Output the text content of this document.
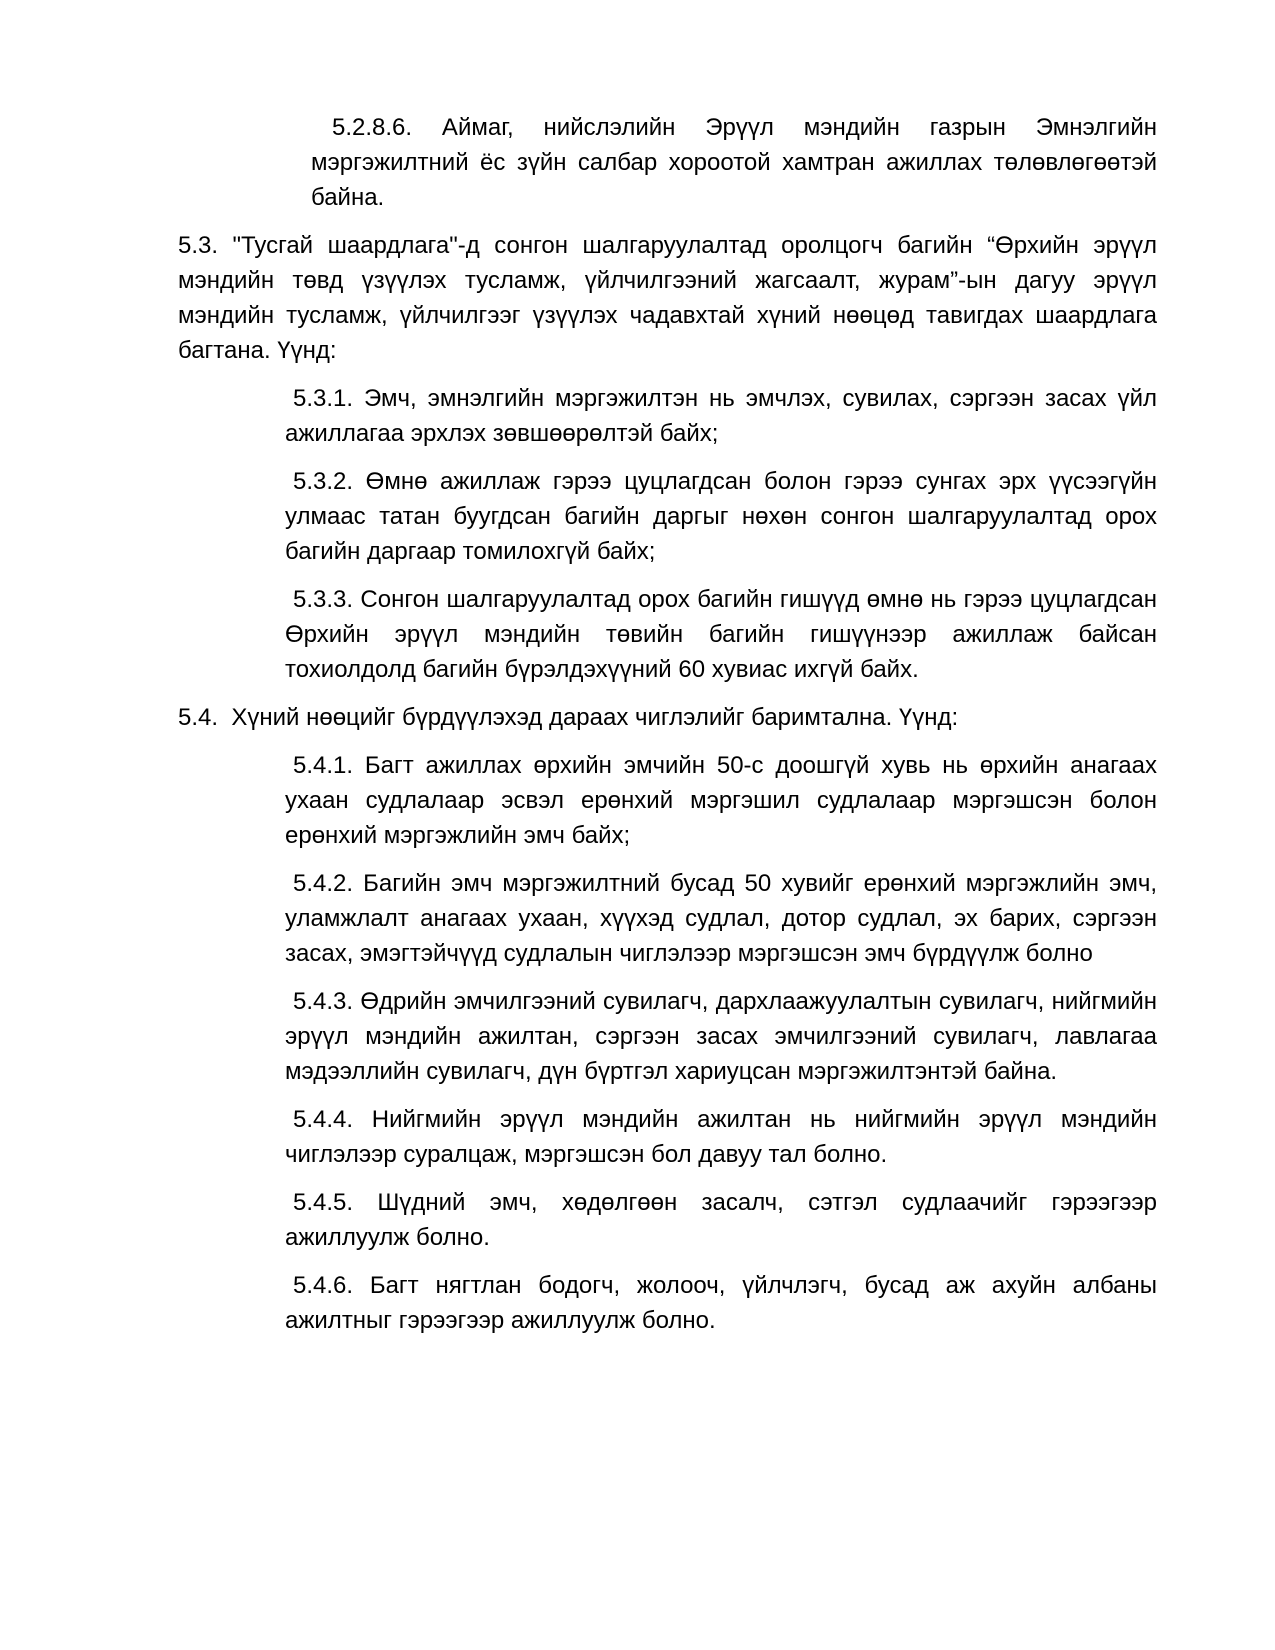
5.2.8.6. Аймаг, нийслэлийн Эрүүл мэндийн газрын Эмнэлгийн мэргэжилтний ёс зүйн салбар хороотой хамтран ажиллах төлөвлөгөөтэй байна.

5.3. "Тусгай шаардлага"-д сонгон шалгаруулалтад оролцогч багийн “Өрхийн эрүүл мэндийн төвд үзүүлэх тусламж, үйлчилгээний жагсаалт, журам”-ын дагуу эрүүл мэндийн тусламж, үйлчилгээг үзүүлэх чадавхтай хүний нөөцөд тавигдах шаардлага багтана. Үүнд:

5.3.1. Эмч, эмнэлгийн мэргэжилтэн нь эмчлэх, сувилах, сэргээн засах үйл ажиллагаа эрхлэх зөвшөөрөлтэй байх;

5.3.2. Өмнө ажиллаж гэрээ цуцлагдсан болон гэрээ сунгах эрх үүсээгүйн улмаас татан буугдсан багийн даргыг нөхөн сонгон шалгаруулалтад орох багийн даргаар томилохгүй байх;

5.3.3. Сонгон шалгаруулалтад орох багийн гишүүд өмнө нь гэрээ цуцлагдсан Өрхийн эрүүл мэндийн төвийн багийн гишүүнээр ажиллаж байсан тохиолдолд багийн бүрэлдэхүүний 60 хувиас ихгүй байх.

5.4.  Хүний нөөцийг бүрдүүлэхэд дараах чиглэлийг баримтална. Үүнд:

5.4.1. Багт ажиллах өрхийн эмчийн 50-с доошгүй хувь нь өрхийн анагаах ухаан судлалаар эсвэл ерөнхий мэргэшил судлалаар мэргэшсэн болон ерөнхий мэргэжлийн эмч байх;

5.4.2. Багийн эмч мэргэжилтний бусад 50 хувийг ерөнхий мэргэжлийн эмч, уламжлалт анагаах ухаан, хүүхэд судлал, дотор судлал, эх барих, сэргээн засах, эмэгтэйчүүд судлалын чиглэлээр мэргэшсэн эмч бүрдүүлж болно

5.4.3. Өдрийн эмчилгээний сувилагч, дархлаажуулалтын сувилагч, нийгмийн эрүүл мэндийн ажилтан, сэргээн засах эмчилгээний сувилагч, лавлагаа мэдээллийн сувилагч, дүн бүртгэл хариуцсан мэргэжилтэнтэй байна.

5.4.4. Нийгмийн эрүүл мэндийн ажилтан нь нийгмийн эрүүл мэндийн чиглэлээр суралцаж, мэргэшсэн бол давуу тал болно.

5.4.5. Шүдний эмч, хөдөлгөөн засалч, сэтгэл судлаачийг гэрээгээр ажиллуулж болно.

5.4.6. Багт нягтлан бодогч, жолооч, үйлчлэгч, бусад аж ахуйн албаны ажилтныг гэрээгээр ажиллуулж болно.
